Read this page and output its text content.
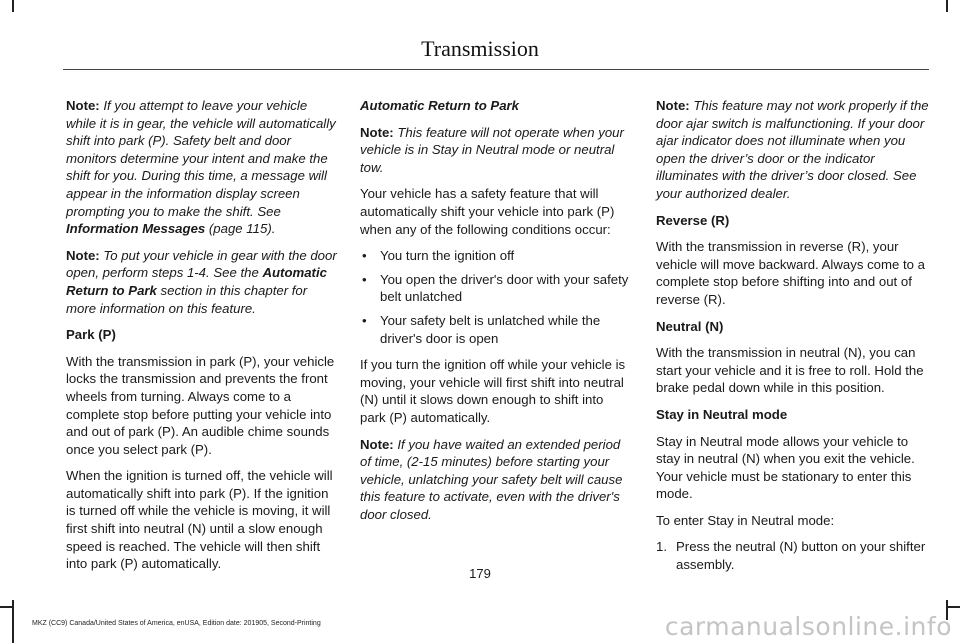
Transmission

Note: If you attempt to leave your vehicle while it is in gear, the vehicle will automatically shift into park (P). Safety belt and door monitors determine your intent and make the shift for you. During this time, a message will appear in the information display screen prompting you to make the shift. See Information Messages (page 115).

Note: To put your vehicle in gear with the door open, perform steps 1-4. See the Automatic Return to Park section in this chapter for more information on this feature.

Park (P)

With the transmission in park (P), your vehicle locks the transmission and prevents the front wheels from turning. Always come to a complete stop before putting your vehicle into and out of park (P). An audible chime sounds once you select park (P).

When the ignition is turned off, the vehicle will automatically shift into park (P). If the ignition is turned off while the vehicle is moving, it will first shift into neutral (N) until a slow enough speed is reached. The vehicle will then shift into park (P) automatically.

Automatic Return to Park

Note: This feature will not operate when your vehicle is in Stay in Neutral mode or neutral tow.

Your vehicle has a safety feature that will automatically shift your vehicle into park (P) when any of the following conditions occur:

• You turn the ignition off
• You open the driver's door with your safety belt unlatched
• Your safety belt is unlatched while the driver's door is open

If you turn the ignition off while your vehicle is moving, your vehicle will first shift into neutral (N) until it slows down enough to shift into park (P) automatically.

Note: If you have waited an extended period of time, (2-15 minutes) before starting your vehicle, unlatching your safety belt will cause this feature to activate, even with the driver's door closed.

Note: This feature may not work properly if the door ajar switch is malfunctioning. If your door ajar indicator does not illuminate when you open the driver’s door or the indicator illuminates with the driver’s door closed. See your authorized dealer.

Reverse (R)

With the transmission in reverse (R), your vehicle will move backward. Always come to a complete stop before shifting into and out of reverse (R).

Neutral (N)

With the transmission in neutral (N), you can start your vehicle and it is free to roll. Hold the brake pedal down while in this position.

Stay in Neutral mode

Stay in Neutral mode allows your vehicle to stay in neutral (N) when you exit the vehicle. Your vehicle must be stationary to enter this mode.

To enter Stay in Neutral mode:

1. Press the neutral (N) button on your shifter assembly.
179
MKZ (CC9) Canada/United States of America, enUSA, Edition date: 201905, Second-Printing	carmanualsonline.info
